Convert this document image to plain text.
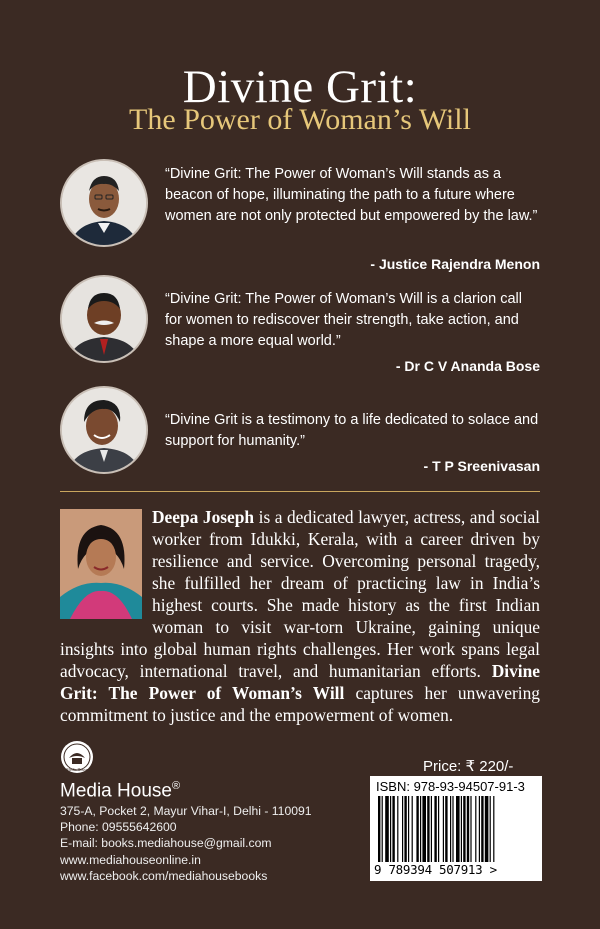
Divine Grit:
The Power of Woman’s Will
“Divine Grit: The Power of Woman’s Will stands as a beacon of hope, illuminating the path to a future where women are not only protected but empowered by the law.”
- Justice Rajendra Menon
“Divine Grit: The Power of Woman’s Will is a clarion call for women to rediscover their strength, take action, and shape a more equal world.”
- Dr C V Ananda Bose
“Divine Grit is a testimony to a life dedicated to solace and support for humanity.”
- T P Sreenivasan
Deepa Joseph is a dedicated lawyer, actress, and social worker from Idukki, Kerala, with a career driven by resilience and service. Overcoming personal tragedy, she fulfilled her dream of practicing law in India’s highest courts. She made history as the first Indian woman to visit war-torn Ukraine, gaining unique insights into global human rights challenges. Her work spans legal advocacy, international travel, and humanitarian efforts. Divine Grit: The Power of Woman’s Will captures her unwavering commitment to justice and the empowerment of women.
Media House
Media House®
375-A, Pocket 2, Mayur Vihar-I, Delhi - 110091
Phone: 09555642600
E-mail: books.mediahouse@gmail.com
www.mediahouseonline.in
www.facebook.com/mediahousebooks
Price: ₹ 220/-
ISBN: 978-93-94507-91-3
9 789394 507913 >
